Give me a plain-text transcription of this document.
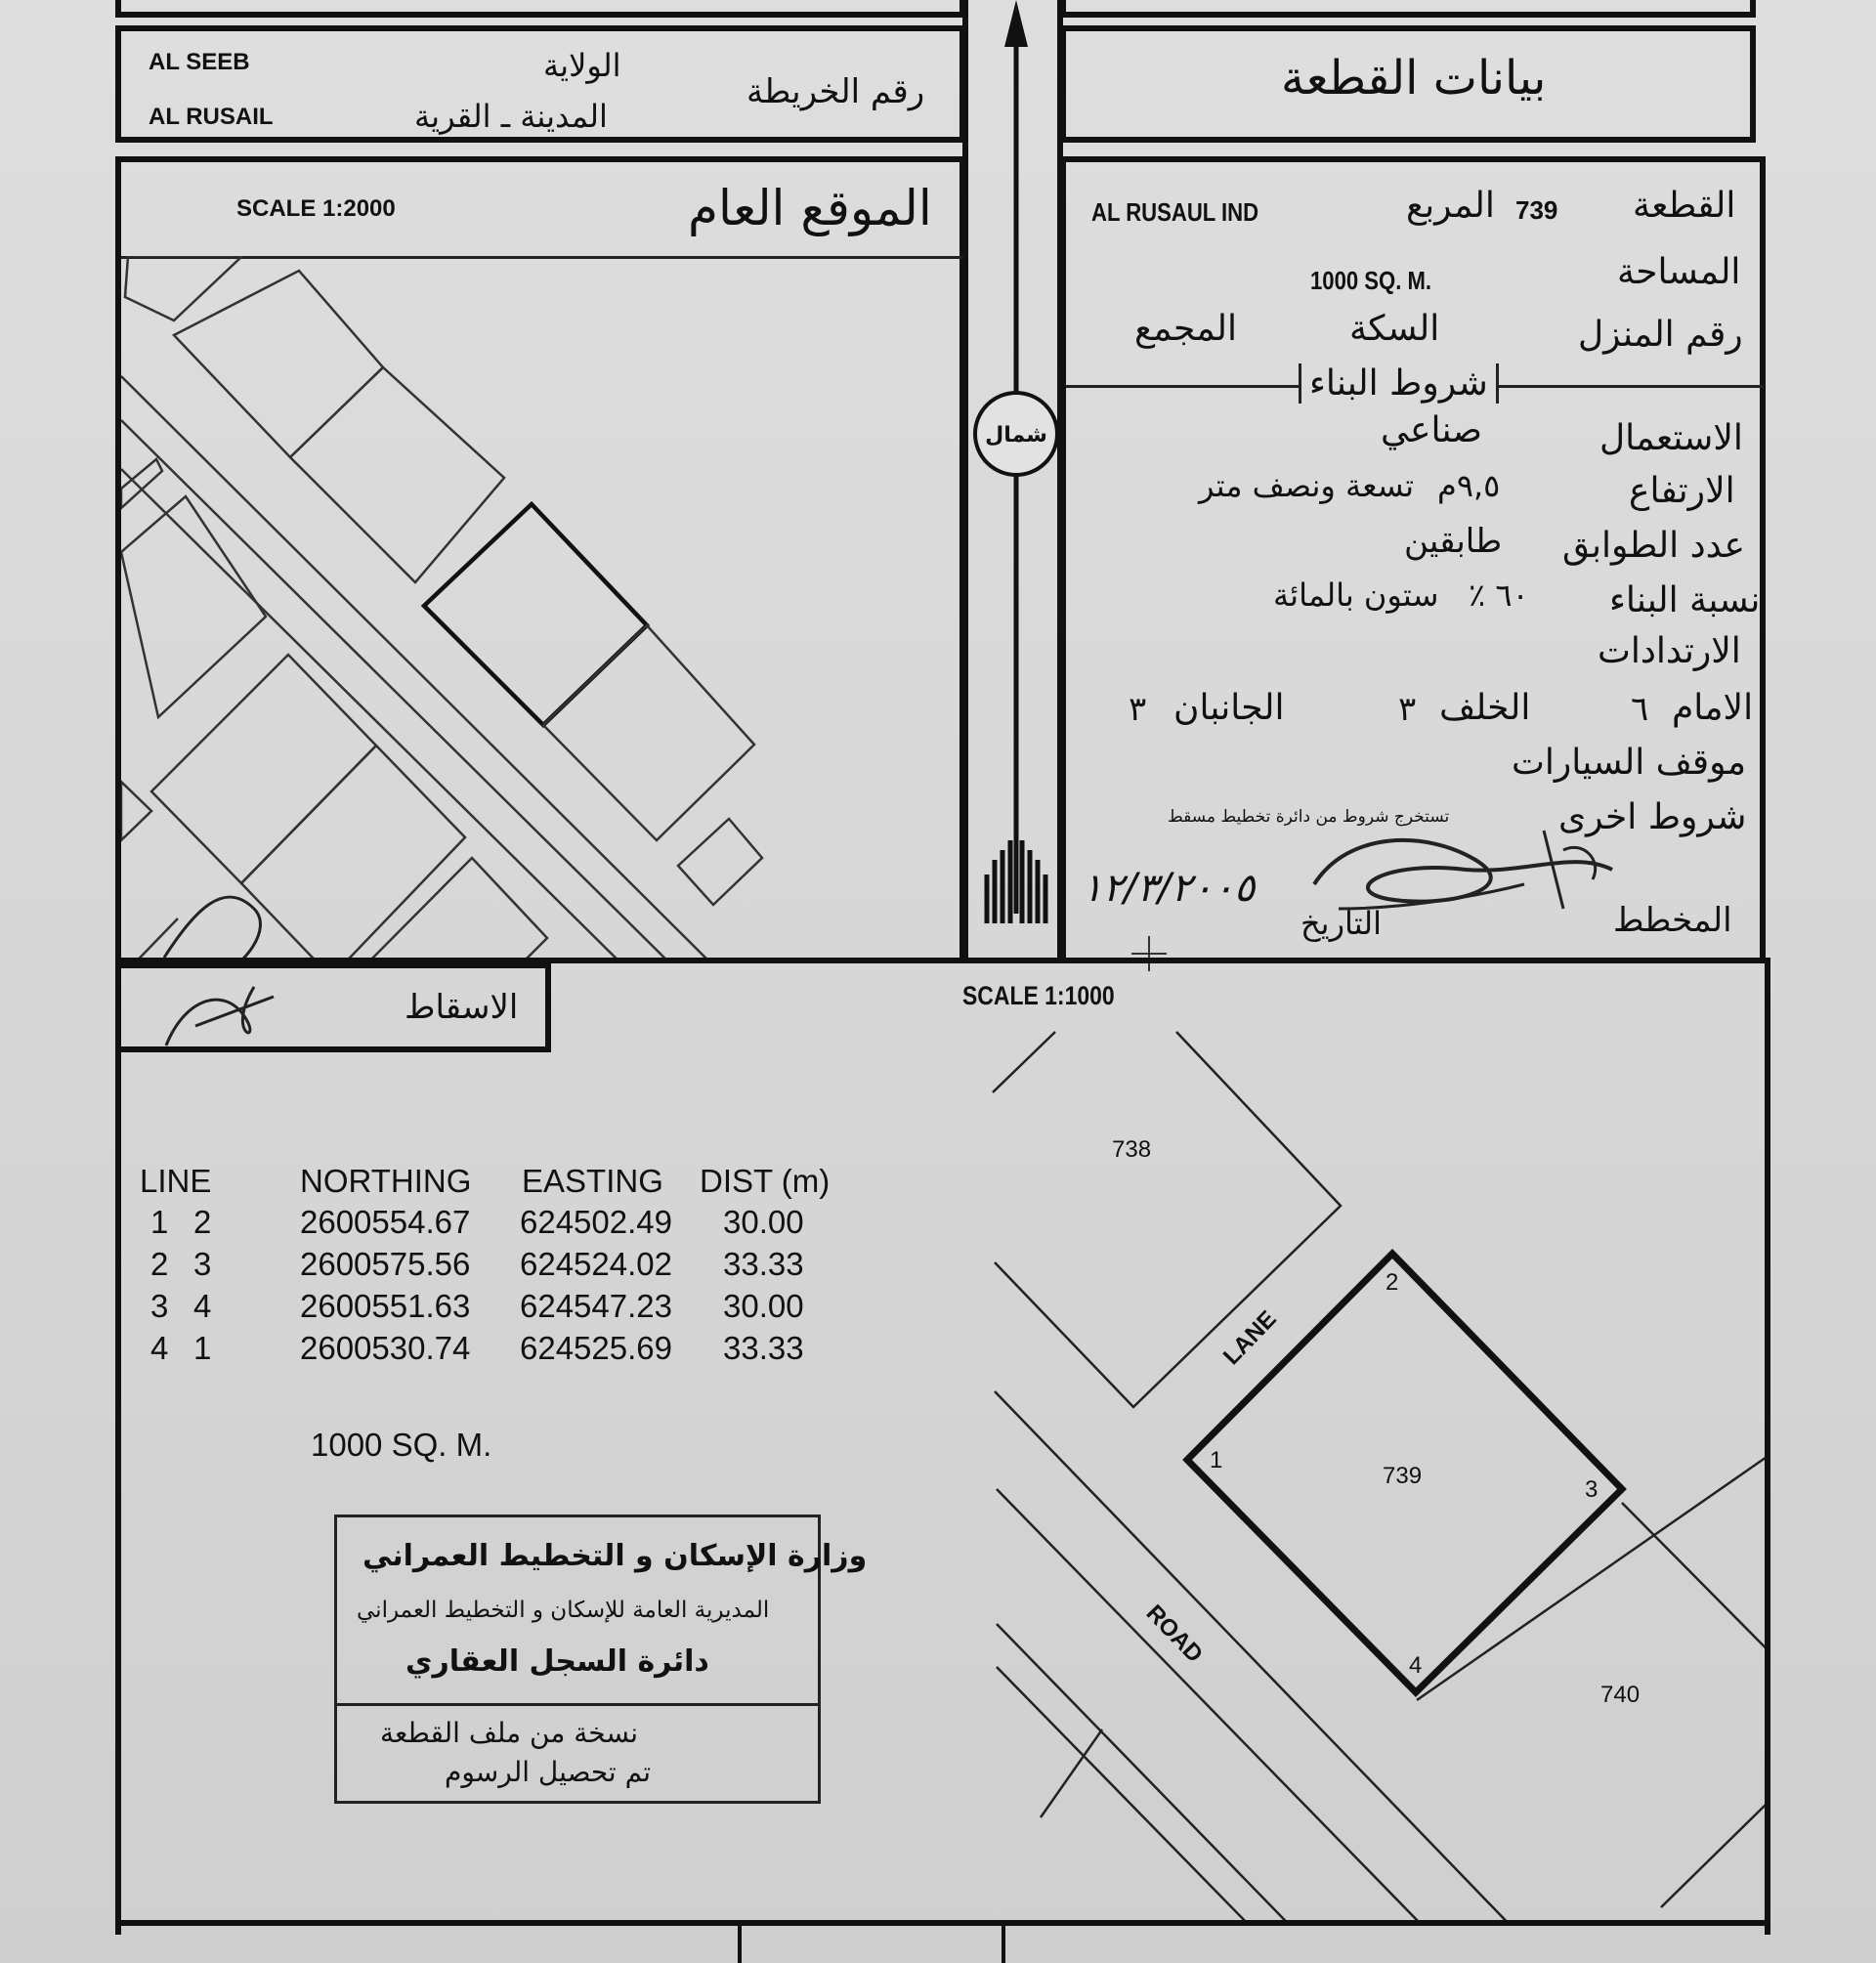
AL SEEB
AL RUSAIL
الولاية
المدينة ـ القرية
رقم الخريطة	بيانات القطعة
SCALE 1:2000	الموقع العام	AL RUSAUL IND	المربع 739 القطعة
1000 SQ. M.	المساحة
المجمع	السكة	رقم المنزل
شروط البناء
صناعي	الاستعمال
تسعة ونصف متر ٩,٥م	الارتفاع
طابقين عدد الطوابق
ستون بالمائة ٦٠ ٪ نسبة البناء
الارتدادات
٣ الجانبان	٣ الخلف	٦ الامام
موقف السيارات
تستخرج شروط من دائرة تخطيط مسقط	شروط اخرى
١٢/٣/٢٠٠٥
التاريخ	المخطط
الاسقاط	SCALE 1:1000
LINE	NORTHING EASTING DIST (m)
1 2	2600554.67 624502.49 30.00
2 3	2600575.56 624524.02 33.33
3 4	2600551.63 624547.23 30.00
4 1	2600530.74 624525.69 33.33
1000 SQ. M.
وزارة الإسكان و التخطيط العمراني
المديرية العامة للإسكان و التخطيط العمراني
دائرة السجل العقاري
نسخة من ملف القطعة
تم تحصيل الرسوم
شمال
738
739
740
1
2
3
4
LANE
ROAD
